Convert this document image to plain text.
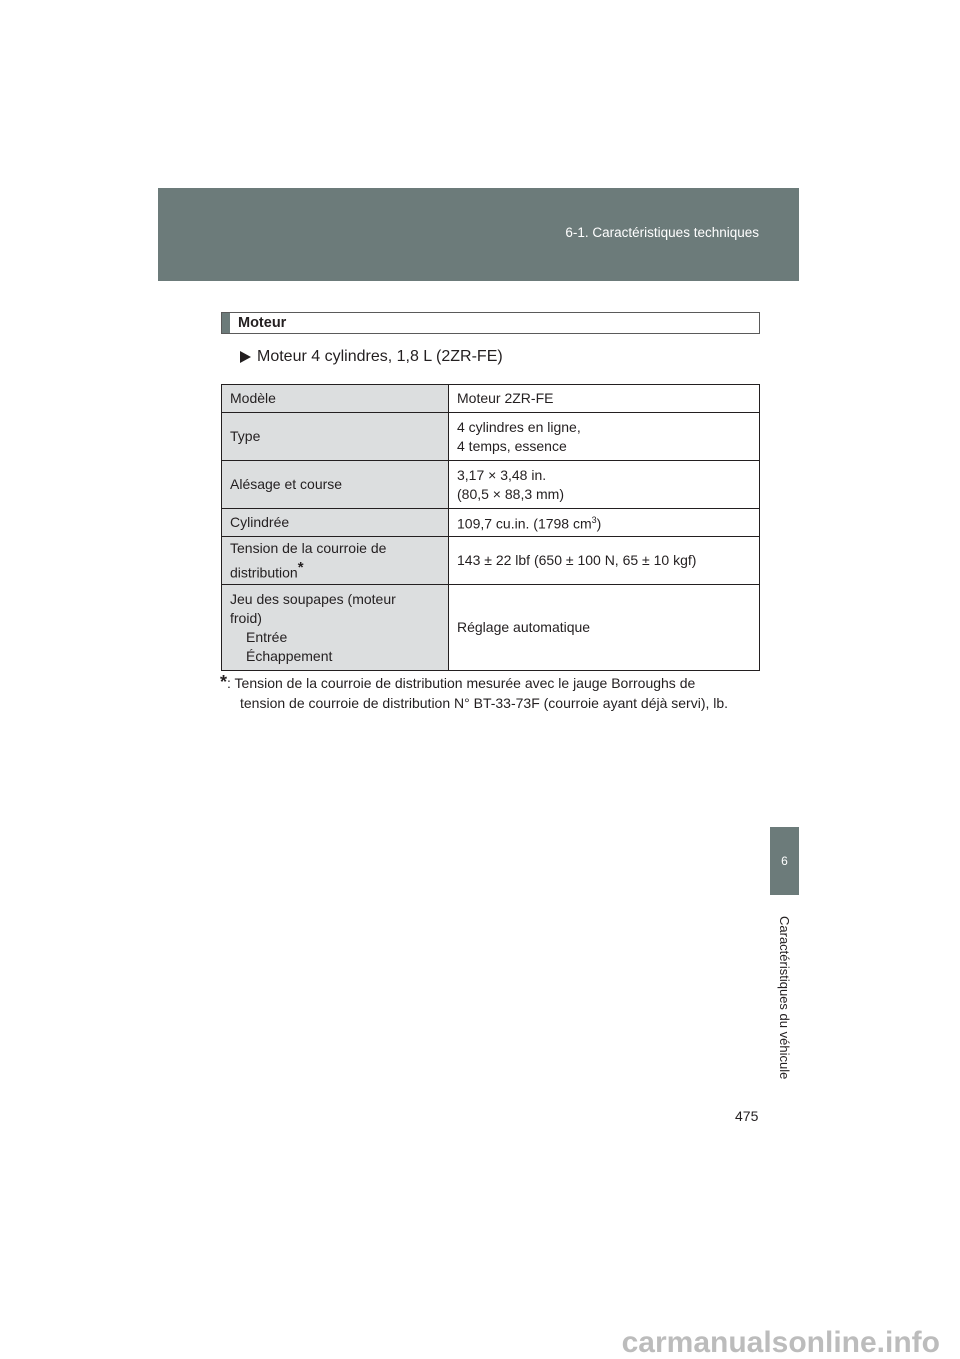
6-1. Caractéristiques techniques
6
Caractéristiques du véhicule
475
Moteur
Moteur 4 cylindres, 1,8 L (2ZR-FE)
Modèle	Moteur 2ZR-FE
Type	4 cylindres en ligne,
4 temps, essence
Alésage et course	3,17 × 3,48 in.
(80,5 × 88,3 mm)
Cylindrée	109,7 cu.in. (1798 $cm^3$)
Tension de la courroie de
distribution*	143 ± 22 lbf (650 ± 100 N, 65 ± 10 kgf)
Jeu des soupapes (moteur
froid)
Entrée
Échappement	Réglage automatique
*: Tension de la courroie de distribution mesurée avec le jauge Borroughs de
tension de courroie de distribution N° BT-33-73F (courroie ayant déjà servi), lb.
carmanualsonline.info
